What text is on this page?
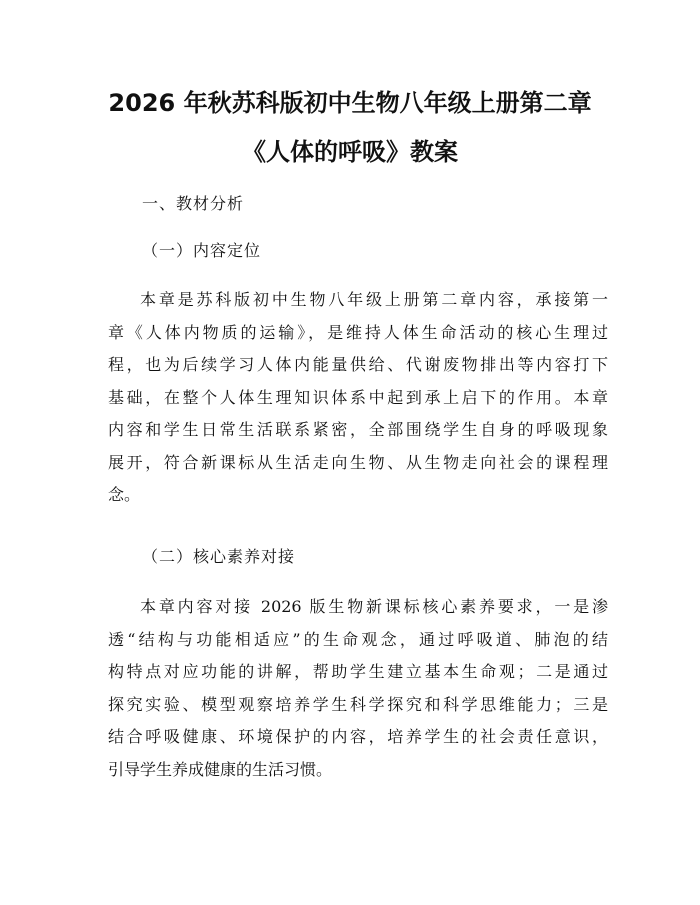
2026 年秋苏科版初中生物八年级上册第二章
《人体的呼吸》教案
一、教材分析
（一）内容定位
本章是苏科版初中生物八年级上册第二章内容，承接第一
章《人体内物质的运输》，是维持人体生命活动的核心生理过
程，也为后续学习人体内能量供给、代谢废物排出等内容打下
基础，在整个人体生理知识体系中起到承上启下的作用。本章
内容和学生日常生活联系紧密，全部围绕学生自身的呼吸现象
展开，符合新课标从生活走向生物、从生物走向社会的课程理
念。
（二）核心素养对接
本章内容对接 2026 版生物新课标核心素养要求，一是渗
透“结构与功能相适应”的生命观念，通过呼吸道、肺泡的结
构特点对应功能的讲解，帮助学生建立基本生命观；二是通过
探究实验、模型观察培养学生科学探究和科学思维能力；三是
结合呼吸健康、环境保护的内容，培养学生的社会责任意识，
引导学生养成健康的生活习惯。
